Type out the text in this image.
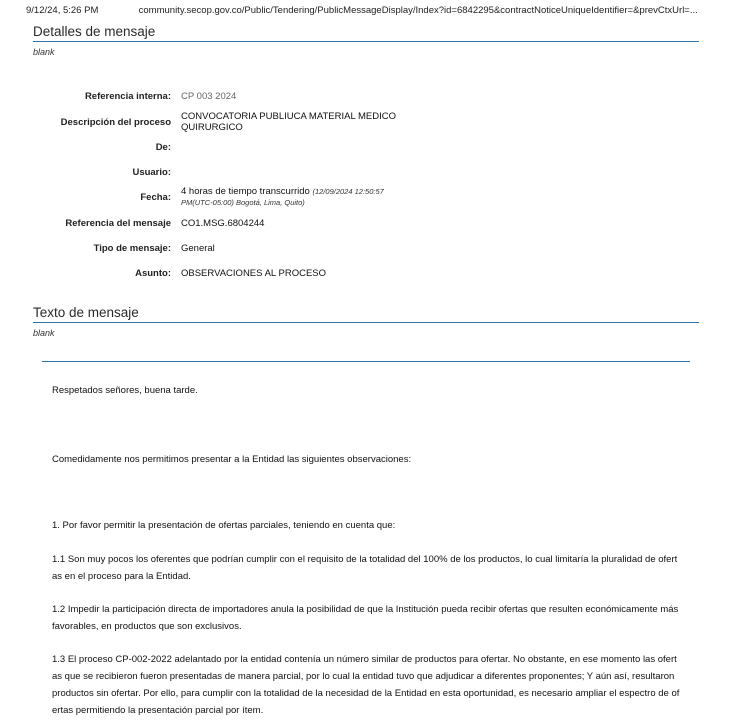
9/12/24, 5:26 PM	community.secop.gov.co/Public/Tendering/PublicMessageDisplay/Index?id=6842295&contractNoticeUniqueIdentifier=&prevCtxUrl=...
Detalles de mensaje
blank
Referencia interna: CP 003 2024
Descripción del proceso
CONVOCATORIA PUBLIUCA MATERIAL MEDICO QUIRURGICO
De:
Usuario:
Fecha:
4 horas de tiempo transcurrido (12/09/2024 12:50:57 PM(UTC-05:00) Bogotá, Lima, Quito)
Referencia del mensaje CO1.MSG.6804244
Tipo de mensaje: General
Asunto: OBSERVACIONES AL PROCESO
Texto de mensaje
blank
Respetados señores, buena tarde.
Comedidamente nos permitimos presentar a la Entidad las siguientes observaciones:
1. Por favor permitir la presentación de ofertas parciales, teniendo en cuenta que:
1.1 Son muy pocos los oferentes que podrían cumplir con el requisito de la totalidad del 100% de los productos, lo cual limitaría la pluralidad de ofertas en el proceso para la Entidad.
1.2 Impedir la participación directa de importadores anula la posibilidad de que la Institución pueda recibir ofertas que resulten económicamente más favorables, en productos que son exclusivos.
1.3 El proceso CP-002-2022 adelantado por la entidad contenía un número similar de productos para ofertar. No obstante, en ese momento las ofertas que se recibieron fueron presentadas de manera parcial, por lo cual la entidad tuvo que adjudicar a diferentes proponentes; Y aún así, resultaron productos sin ofertar. Por ello, para cumplir con la totalidad de la necesidad de la Entidad en esta oportunidad, es necesario ampliar el espectro de ofertas permitiendo la presentación parcial por ítem.
